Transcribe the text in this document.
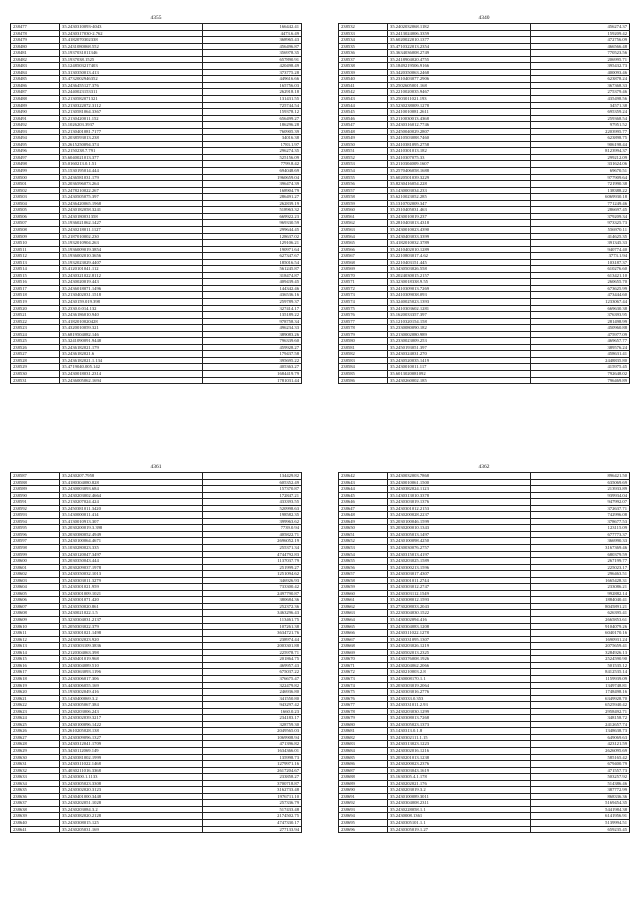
4355
238477	35.2430310093-4043	166442.41
238478	35.2430317030-2.762	4473.6.49
238479	35.4182070302338	368965.43
238480	35.2431080068.552	456496.87
238481	35.1937031011346	356978.35
238482	35.1937038.1525	657890.91
238483	35.1248503217403	420498.49
238484	35.3130350013.413	373775.28
238485	35.4732002946352	449616.66
238486	35.2436455127.376	165756.03
238487	35.2440023153311	262918.18
238488	35.2130582071321	131431.55
238489	35.2130322072.3112	725744.54
238490	35.2130581064.3367	159378.12
238491	35.2130420011.152	656499.27
238492	35.1026203.3937	186296.28
238493	35.2130401081.7177	760905.39
238494	35.2038593013.238	34016.38
238495	35.2615250094.374	1783.1.97
238496	35.2150238.7.791	296274.35
238497	35.6040021013.377	525156.09
238498	35.0160213.0.1.51	7799.8.42
238499	35.1530195014.444	694048.69
238500	35.2436581031.179	1960659.04
238501	35.2036596073.264	396474.39
238502	35.2478210022.267	168904.79
238503	35.2430505075.397	286491.27
238504	35.2436420065.1968	262839.19
238505	35.2430182058.3241	518963.32
238506	35.2430180031358	669922.23
238507	35.1936021062.1427	969330.59
238508	35.2430218011.1127	299644.45
238509	35.2187010002.230	128637.02
238510	35.1932010904.263	129106.21
238511	35.1936009019.3854	190971.64
238512	35.1936002010.3656	627347.67
238513	35.1932023029.4407	185016.54
238514	35.4120101041.112	561245.87
238515	35.2430321022.8112	318474.87
238516	35.2430020019.443	409439.45
238517	35.2436018071.1496	144342.46
238518	35.2130402031.1518	436536.16
238519	35.2430159.019.398	259789.37
238520	35.2330.0.014.132	327414.17
238521	35.2436186010.940	135189.22
238522	35.4182010020428	978758.34
238523	35.4320010059.321	496234.33
238524	35.6819504082.146	389083.26
238525	35.3241090091.9448	796339.60
238526	35.2436182021.179	459928.27
238527	35.2436182021.6	179437.58
238528	35.2436182021.1.134	395695.22
238529	35.4719040.005.142	405363.27
238530	35.2430018031.2314	1684419.79
238531	35.2436005062.1694	1781031.44
4340
238532	35.2402032068.1182	456274.37
238533	35.2413024006.3359	159209.42
238534	35.6020022010.1377	472756.09
238535	35.4710322013.2354	466566.48
238536	35.3634036008.2749	770523.56
238537	35.2418904020.4755	206995.71
238538	35.1849219506.9166	395432.73
238539	35.3420350063.2468	400093.46
238540	35.2310403077.2906	623878.24
238541	35.2502605001.168	367368.33
238542	35.2210020035.9467	275379.46
238543	35.2503011021.193	435498.56
238544	35.5230238009.1278	34571.38
238545	35.2410010081.2611	695359.24
238546	35.2110030013.4368	259368.54
238547	35.2430316012.7746	97951.52
238548	35.2450040029.2807	2203995.77
238549	35.2410503088.7460	623898.75
238550	35.2410381095.2758	906198.44
238551	35.2410301013.182	8123994.37
238552	35.2410307075.33	299212.09
238553	35.2110304009.1607	331624.06
238554	35.2570406058.1688	69670.51
238555	35.6020501039.3229	977909.64
238556	35.8230416054.228	721990.38
238557	35.1430003034.233	138388.22
238558	35.6210023052.285	6069930.18
238559	35.1310702009.347	771249.46
238560	35.2310405031.463	286697.45
238561	35.2430010019.237	379209.34
238562	35.2810403013.4318	973325.73
238563	35.2430010023.4390	556970.11
238564	35.2430403033.3399	414625.35
238565	35.4182010032.3789	391345.33
238566	35.2410402010.1289	940774.40
238567	35.2210803017.4.62	3773.1.94
238568	35.2210403151.445	103187.37
238569	35.3430503026.558	610276.60
238570	35.2024030015.2157	613421.10
238571	35.3230018338.9.55	260655.70
238572	35.2410309013.7269	673625.99
238573	35.2410309038.093	473444.60
238574	35.3240025023.1393	1233067.44
238575	35.2410303602.1281	669630.38
238576	35.1620033357.397	376393.95
238577	35.1210320154.158	281498.99
238578	35.2330080090.182	450960.88
238579	35.2130002080.989	475977.09
238580	35.2330023009.253	469657.77
238581	35.2450193051.397	389576.24
238582	35.2430324031.270	458631.41
238583	35.2430520035.1419	2448835.80
238584	35.2430010011.117	415975.45
238585	35.6013020081092	792648.02
238586	35.2430260002.185	796469.89
4361
238587	35.2430207.7958	134429.82
238588	35.4180304080.828	605352.49
238589	35.2430003093.684	157370.87
238590	35.2430203002.4664	172847.21
238591	35.2130207024.424	433393.55
238592	35.2450381011.3420	520998.63
238593	35.1430000011.414	198582.35
238594	35.4130010913.307	399963.62
238595	35.2030200019.3.398	7739.0.94
238596	35.2030380052.4949	405822.71
238597	35.2430100064.4671	2696052.19
238598	35.1030280023.335	255371.34
238599	35.2430120047.3497	4744792.83
238600	35.2030350043.444	1137037.79
238601	35.2030209037.1978	251999.27
238602	35.2430350032.1013	1251094.62
238603	35.2430303011.3279	346926.93
238604	35.2430301021.959	733300.42
238605	35.2430301009.1021	2497790.87
238606	35.2430301071.420	380684.36
238607	35.2430350020.861	252372.36
238608	35.2430021022.1.5	3463296.43
238609	35.3230304031.2137	113461.75
238610	35.2050303022.379	107261.38
238611	35.3230301021.1498	3634721.76
238612	35.2430302023.920	238974.44
238613	35.2130303109.3836	2003301.88
238614	35.2120304063.398	225978.71
238615	35.2430401019.968	201864.75
238616	35.2430304089.510	469957.43
238617	35.2430363093.1196	675037.22
238618	35.2430306017.306	376675.47
238619	35.4430306055.169	322479.82
238620	35.1930302049.416	246936.80
238621	35.1430400069.3.2	341550.80
238622	35.2430305067.384	943297.42
238623	35.2430203006.243	1660.0.23
238624	35.2430302039.3217	234183.17
238625	35.2430100096.1422	328759.30
238626	35.2610205028.138	2049565.03
238627	35.2430309096.1327	1069908.94
238628	35.2430312041.1709	471396.82
238629	35.3430112069.149	1634366.01
238630	35.2430381002.1999	135998.73
238631	35.2430311022.1468	1279971.16
238632	35.4030211016.3368	2617204.67
238633	35.2430300.1.1133	233858.27
238634	35.2430305023.3308	3700718.87
238635	35.2430302020.3123	3162733.48
238636	35.2430401000.3448	1976711.10
238637	35.2430202051.1028	257336.79
238638	35.2430203084.3.2	517433.48
238639	35.2430382020.2128	2174502.75
238640	35.2430308015.125	4747330.17
238641	35.2430205031.169	277133.94
4362
238642	35.2430032003.7868	896421.50
238643	35.2430010061.1500	635069.69
238644	35.2430382024.1123	213933.89
238645	35.1430313010.3378	939934.04
238646	35.2430303019.1376	947992.07
238647	35.2430301012.2153	372637.71
238648	35.2430200028.2237	742996.08
238649	35.2030100046.1599	378677.53
238650	35.2030200010.1343	123115.09
238651	35.2430305013.1497	677773.37
238652	35.2430100098.4250	366990.33
238653	35.2430030076.2757	3167369.46
238654	35.2430315013.4197	680379.59
238655	35.2430203025.1589	267199.77
238656	35.2430300213.1596	225023.17
238657	35.2430303017.4307	296463.51
238658	35.2430301011.2744	1665428.31
238659	35.2430303012.2747	233086.21
238660	35.2430303112.1549	992882.14
238661	35.2430308012.1593	1884040.41
238662	35.2730208033.2043	8045891.21
238663	35.2230304030.1522	626395.41
238664	35.1430302094.416	2665853.61
238665	35.2430304083.1208	9104079.26
238666	35.2430311022.1278	6040170.16
238667	35.2430331095.1307	1690931.24
238668	35.2430203026.1219	2075659.41
238669	35.2430502013.2325	3284926.13
238670	35.1430376008.1926	2524590.90
238671	35.2430204062.2066	501535.12
238672	35.2430210003.2.8	8412535.14
238673	35.2430008170.1.1	1159939.09
238674	35.2030303019.2064	1349748.81
238675	35.2430303016.2776	1748498.16
238676	35.2430333.0.353	6349928.70
238677	35.2430331011.2.93	6525940.42
238678	35.2430203030.1299	2958492.71
238679	35.2430308013.7268	348158.72
238680	35.2430305023.1373	2412657.74
238681	35.1430313.0.1.8	1348638.73
238682	35.2430302111.1.15	649069.63
238683	35.2430313023.1223	423121.59
238684	35.2430302016.1216	2626095.69
238685	35.2030201013.1238	585165.42
238686	35.2430200023.2376	679400.79
238687	35.2030303043.1619	471557.73
238688	35.1630305.4.1.178	503257.92
238689	35.2430202021.176	514386.46
238690	35.2430203019.3.2	387772.99
238691	35.2430100089.3011	868336.36
238692	35.2430304008.2311	5169454.35
238693	35.2430228058.1.1	5441984.38
238694	35.2430008.1361	6141956.91
238695	35.2430305101.1.1	5139994.51
238696	35.2430305019.1.27	659235.45
